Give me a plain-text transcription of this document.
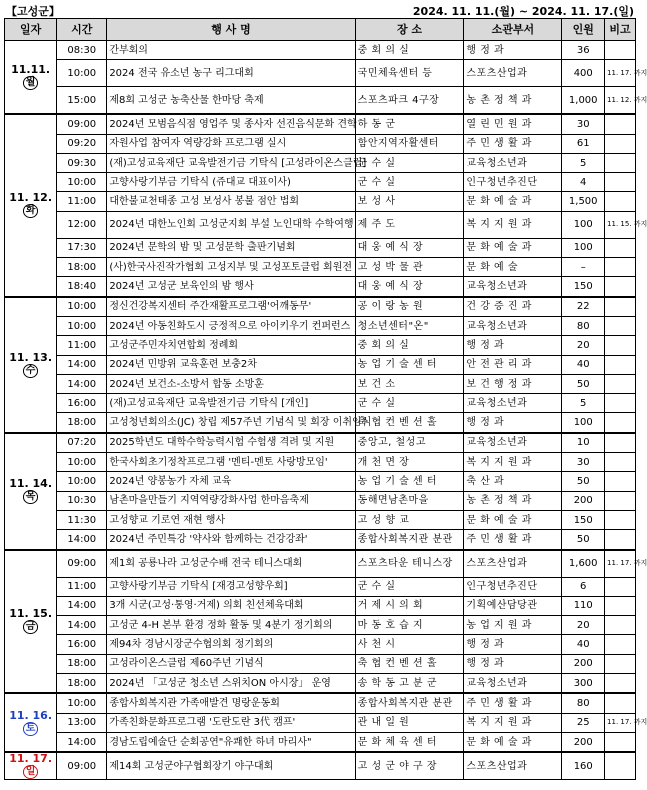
【고성군】	2024. 11. 11.(월) ~ 2024. 11. 17.(일)
일자	시간	행 사 명	장 소	소관부서	인원	비고

11.11.
월	08:30	간부회의	중 회 의 실	행 정 과	36	
	10:00	2024 전국 유소년 농구 리그대회	국민체육센터 등	스포츠산업과	400	11. 17. 까지
	15:00	제8회 고성군 농축산물 한마당 축제	스포츠파크 4구장	농 촌 정 책 과	1,000	11. 12. 까지

11. 12.
화	09:00	2024년 모범음식점 영업주 및 종사자 선진음식문화 견학	하 동 군	열 린 민 원 과	30	
	09:20	자원사업 참여자 역량강화 프로그램 실시	함안지역자활센터	주 민 생 활 과	61	
	09:30	(재)고성교육재단 교육발전기금 기탁식 [고성라이온스클럽]	군 수 실	교육청소년과	5	
	10:00	고향사랑기부금 기탁식 (쥬대교 대표이사)	군 수 실	인구청년추진단	4	
	11:00	대한불교천태종 고성 보성사 봉불 점안 법회	보 성 사	문 화 예 술 과	1,500	
	12:00	2024년 대한노인회 고성군지회 부설 노인대학 수학여행	제 주 도	복 지 지 원 과	100	11. 15. 까지
	17:30	2024년 문학의 밤 및 고성문학 출판기념회	대 웅 예 식 장	문 화 예 술 과	100	
	18:00	(사)한국사진작가협회 고성지부 및 고성포토클럽 회원전	고 성 박 물 관	문 화 예 술	–	
	18:40	2024년 고성군 보육인의 밤 행사	대 웅 예 식 장	교육청소년과	150	

11. 13.
수	10:00	정신건강복지센터 주간재활프로그램'어깨동무'	공 이 랑 농 원	건 강 증 진 과	22	
	10:00	2024년 아동친화도시 긍정적으로 아이키우기 컨퍼런스	청소년센터"온"	교육청소년과	80	
	11:00	고성군주민자치연합회 정례회	중 회 의 실	행 정 과	20	
	14:00	2024년 민방위 교육훈련 보충2차	농 업 기 술 센 터	안 전 관 리 과	40	
	14:00	2024년 보건소-소방서 합동 소방훈	보 건 소	보 건 행 정 과	50	
	16:00	(재)고성교육재단 교육발전기금 기탁식 [개인]	군 수 실	교육청소년과	5	
	18:00	고성청년회의소(JC) 창립 제57주년 기념식 및 회장 이취임식	축 협 컨 벤 션 홀	행 정 과	100	

11. 14.
목	07:20	2025학년도 대학수학능력시험 수험생 격려 및 지원	중앙고, 철성고	교육청소년과	10	
	10:00	한국사회초기정착프로그램 '멘티-멘토 사랑방모임'	개 천 면 장	복 지 지 원 과	30	
	10:00	2024년 양봉농가 자체 교육	농 업 기 술 센 터	축 산 과	50	
	10:30	남촌마을만들기 지역역량강화사업 한마음축제	동해면남촌마을	농 촌 정 책 과	200	
	11:30	고성향교 기로연 재현 행사	고 성 향 교	문 화 예 술 과	150	
	14:00	2024년 주민특강 '약사와 함께하는 건강강좌'	종합사회복지관 분관	주 민 생 활 과	50	

11. 15.
금	09:00	제1회 공룡나라 고성군수배 전국 테니스대회	스포츠타운 테니스장	스포츠산업과	1,600	11. 17. 까지
	11:00	고향사랑기부금 기탁식 [재경고성향우회]	군 수 실	인구청년추진단	6	
	14:00	3개 시군(고성·통영·거제) 의회 친선체육대회	거 제 시 의 회	기획예산담당관	110	
	14:00	고성군 4-H 본부 환경 정화 활동 및 4분기 정기회의	마 동 호 습 지	농 업 지 원 과	20	
	16:00	제94차 경남시장군수협의회 정기회의	사 천 시	행 정 과	40	
	18:00	고성라이온스클럽 제60주년 기념식	축 협 컨 벤 션 홀	행 정 과	200	
	18:00	2024년 「고성군 청소년 스위치ON 아시장」 운영	송 학 동 고 분 군	교육청소년과	300	

11. 16.
토	10:00	종합사회복지관 가족애발견 명랑운동회	종합사회복지관 분관	주 민 생 활 과	80	
	13:00	가족친화문화프로그램 '도란도란 3代 캠프'	관 내 일 원	복 지 지 원 과	25	11. 17. 까지
	14:00	경남도립예술단 순회공연"유쾌한 하녀 마리사"	문 화 체 육 센 터	문 화 예 술 과	200	

11. 17.
일	09:00	제14회 고성군야구협회장기 야구대회	고 성 군 야 구 장	스포츠산업과	160	
